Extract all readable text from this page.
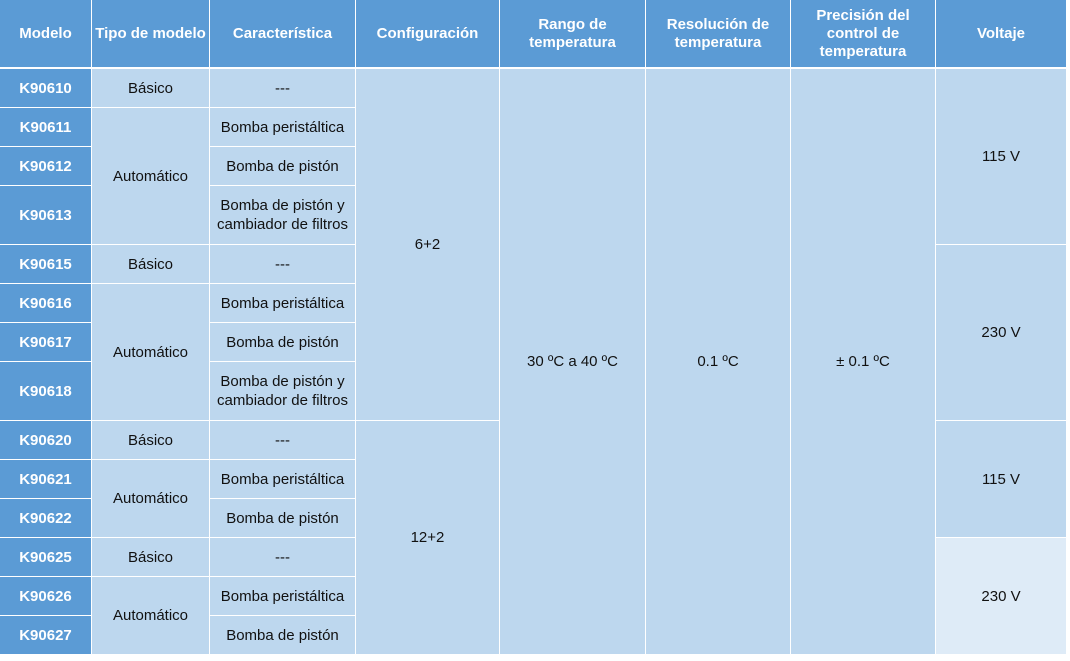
Modelo	Tipo de modelo	Característica	Configuración	Rango de temperatura	Resolución de temperatura	Precisión del control de temperatura	Voltaje
K90610	Básico	---	6+2	30 ºC a 40 ºC	0.1 ºC	± 0.1 ºC	115 V
K90611	Automático	Bomba peristáltica					
K90612		Bomba de pistón					
K90613		Bomba de pistón y cambiador de filtros					
K90615	Básico	---					230 V
K90616	Automático	Bomba peristáltica					
K90617		Bomba de pistón					
K90618		Bomba de pistón y cambiador de filtros					
K90620	Básico	---	12+2				115 V
K90621	Automático	Bomba peristáltica					
K90622		Bomba de pistón					
K90625	Básico	---					230 V
K90626	Automático	Bomba peristáltica					
K90627		Bomba de pistón					
